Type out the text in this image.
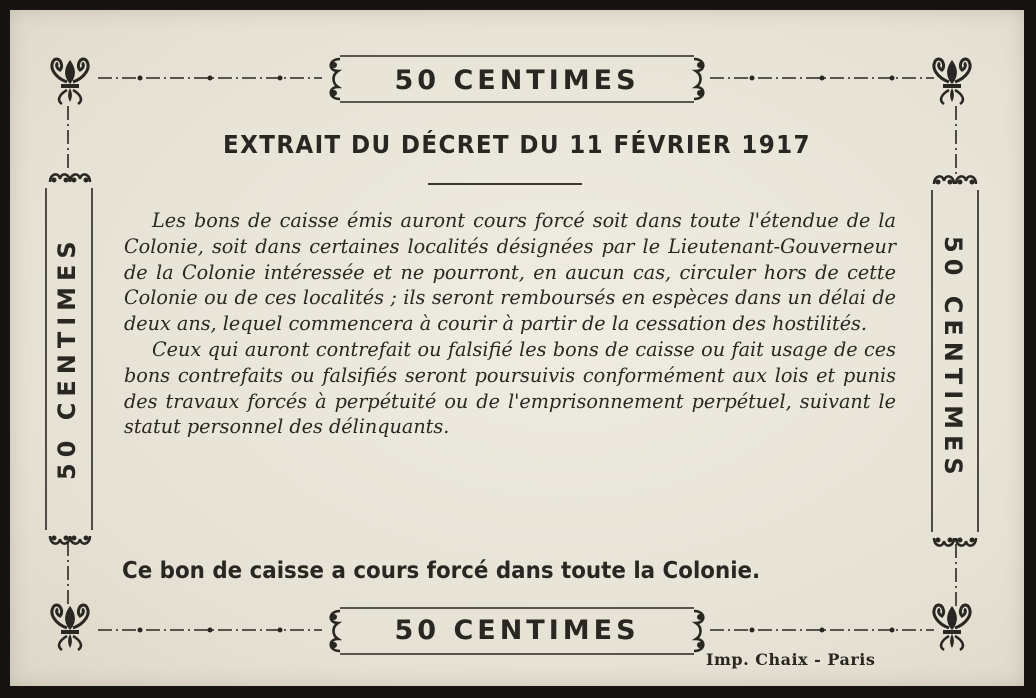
50 CENTIMES
50 CENTIMES
50 CENTIMES	50 CENTIMES
EXTRAIT DU DÉCRET DU 11 FÉVRIER 1917

Les bons de caisse émis auront cours forcé soit dans toute l'étendue de la Colonie, soit dans certaines localités désignées par le Lieutenant-Gouverneur de la Colonie intéressée et ne pourront, en aucun cas, circuler hors de cette Colonie ou de ces localités ; ils seront remboursés en espèces dans un délai de deux ans, lequel commencera à courir à partir de la cessation des hostilités.

Ceux qui auront contrefait ou falsifié les bons de caisse ou fait usage de ces bons contrefaits ou falsifiés seront poursuivis conformément aux lois et punis des travaux forcés à perpétuité ou de l'emprisonnement perpétuel, suivant le statut personnel des délinquants.

Ce bon de caisse a cours forcé dans toute la Colonie.
Imp. Chaix - Paris
